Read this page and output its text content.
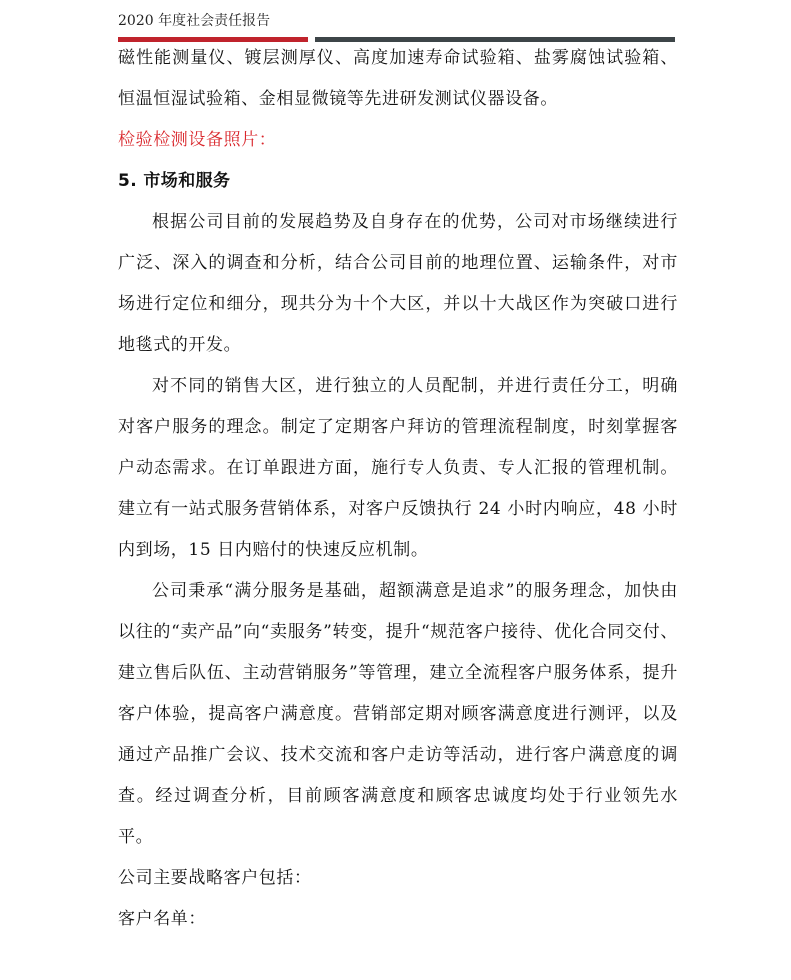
2020 年度社会责任报告

磁性能测量仪、镀层测厚仪、高度加速寿命试验箱、盐雾腐蚀试验箱、恒温恒湿试验箱、金相显微镜等先进研发测试仪器设备。

检验检测设备照片：

5. 市场和服务

根据公司目前的发展趋势及自身存在的优势，公司对市场继续进行广泛、深入的调查和分析，结合公司目前的地理位置、运输条件，对市场进行定位和细分，现共分为十个大区，并以十大战区作为突破口进行地毯式的开发。

对不同的销售大区，进行独立的人员配制，并进行责任分工，明确对客户服务的理念。制定了定期客户拜访的管理流程制度，时刻掌握客户动态需求。在订单跟进方面，施行专人负责、专人汇报的管理机制。建立有一站式服务营销体系，对客户反馈执行 24 小时内响应，48 小时内到场，15 日内赔付的快速反应机制。

公司秉承“满分服务是基础，超额满意是追求”的服务理念，加快由以往的“卖产品”向“卖服务”转变，提升“规范客户接待、优化合同交付、建立售后队伍、主动营销服务”等管理，建立全流程客户服务体系，提升客户体验，提高客户满意度。营销部定期对顾客满意度进行测评，以及通过产品推广会议、技术交流和客户走访等活动，进行客户满意度的调查。经过调查分析，目前顾客满意度和顾客忠诚度均处于行业领先水平。

公司主要战略客户包括：

客户名单：
